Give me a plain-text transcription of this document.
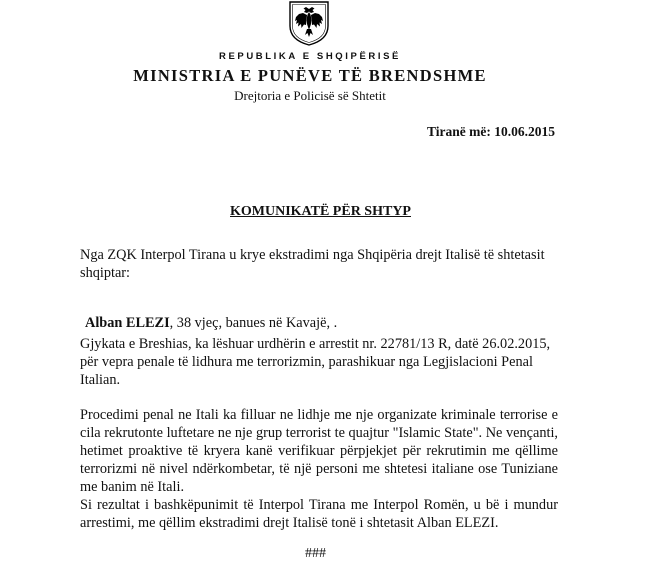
REPUBLIKA E SHQIPËRISË
MINISTRIA E PUNËVE TË BRENDSHME
Drejtoria e Policisë së Shtetit
Tiranë më: 10.06.2015
KOMUNIKATË PËR SHTYP
Nga ZQK Interpol Tirana u krye ekstradimi nga Shqipëria drejt Italisë të shtetasit shqiptar:
Alban ELEZI, 38 vjeç, banues në Kavajë, .
Gjykata e Breshias, ka lëshuar urdhërin e arrestit nr. 22781/13 R, datë 26.02.2015,
për vepra penale të lidhura me terrorizmin, parashikuar nga Legjislacioni Penal Italian.
Procedimi penal ne Itali ka filluar ne lidhje me nje organizate kriminale terrorise e cila rekrutonte luftetare ne nje grup terrorist te quajtur "Islamic State". Ne vençanti, hetimet proaktive të kryera kanë verifikuar përpjekjet për rekrutimin me qëllime terrorizmi në nivel ndërkombetar, të një personi me shtetesi italiane ose Tuniziane me banim në Itali.
Si rezultat i bashkëpunimit të Interpol Tirana me Interpol Romën, u bë i mundur arrestimi, me qëllim ekstradimi drejt Italisë tonë i shtetasit Alban ELEZI.
###
